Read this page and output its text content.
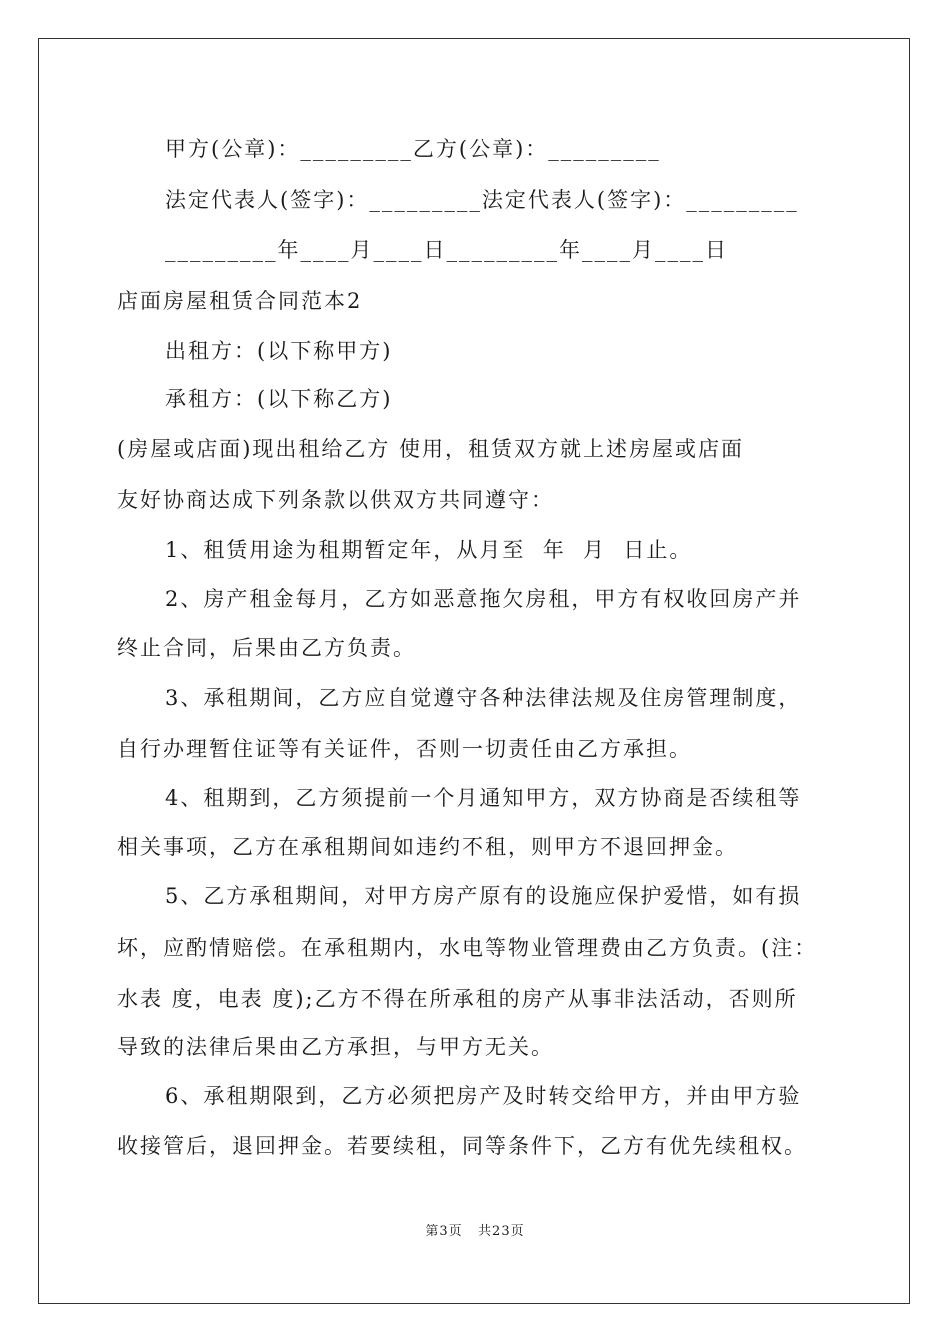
甲方(公章)：_________乙方(公章)：_________
法定代表人(签字)：_________法定代表人(签字)：_________
_________年____月____日_________年____月____日
店面房屋租赁合同范本2
出租方：(以下称甲方)
承租方：(以下称乙方)
(房屋或店面)现出租给乙方 使用，租赁双方就上述房屋或店面
友好协商达成下列条款以供双方共同遵守：
1、租赁用途为租期暂定年，从月至  年  月  日止。
2、房产租金每月，乙方如恶意拖欠房租，甲方有权收回房产并
终止合同，后果由乙方负责。
3、承租期间，乙方应自觉遵守各种法律法规及住房管理制度，
自行办理暂住证等有关证件，否则一切责任由乙方承担。
4、租期到，乙方须提前一个月通知甲方，双方协商是否续租等
相关事项，乙方在承租期间如违约不租，则甲方不退回押金。
5、乙方承租期间，对甲方房产原有的设施应保护爱惜，如有损
坏，应酌情赔偿。在承租期内，水电等物业管理费由乙方负责。(注：
水表 度，电表 度);乙方不得在所承租的房产从事非法活动，否则所
导致的法律后果由乙方承担，与甲方无关。
6、承租期限到，乙方必须把房产及时转交给甲方，并由甲方验
收接管后，退回押金。若要续租，同等条件下，乙方有优先续租权。
第3页   共23页
